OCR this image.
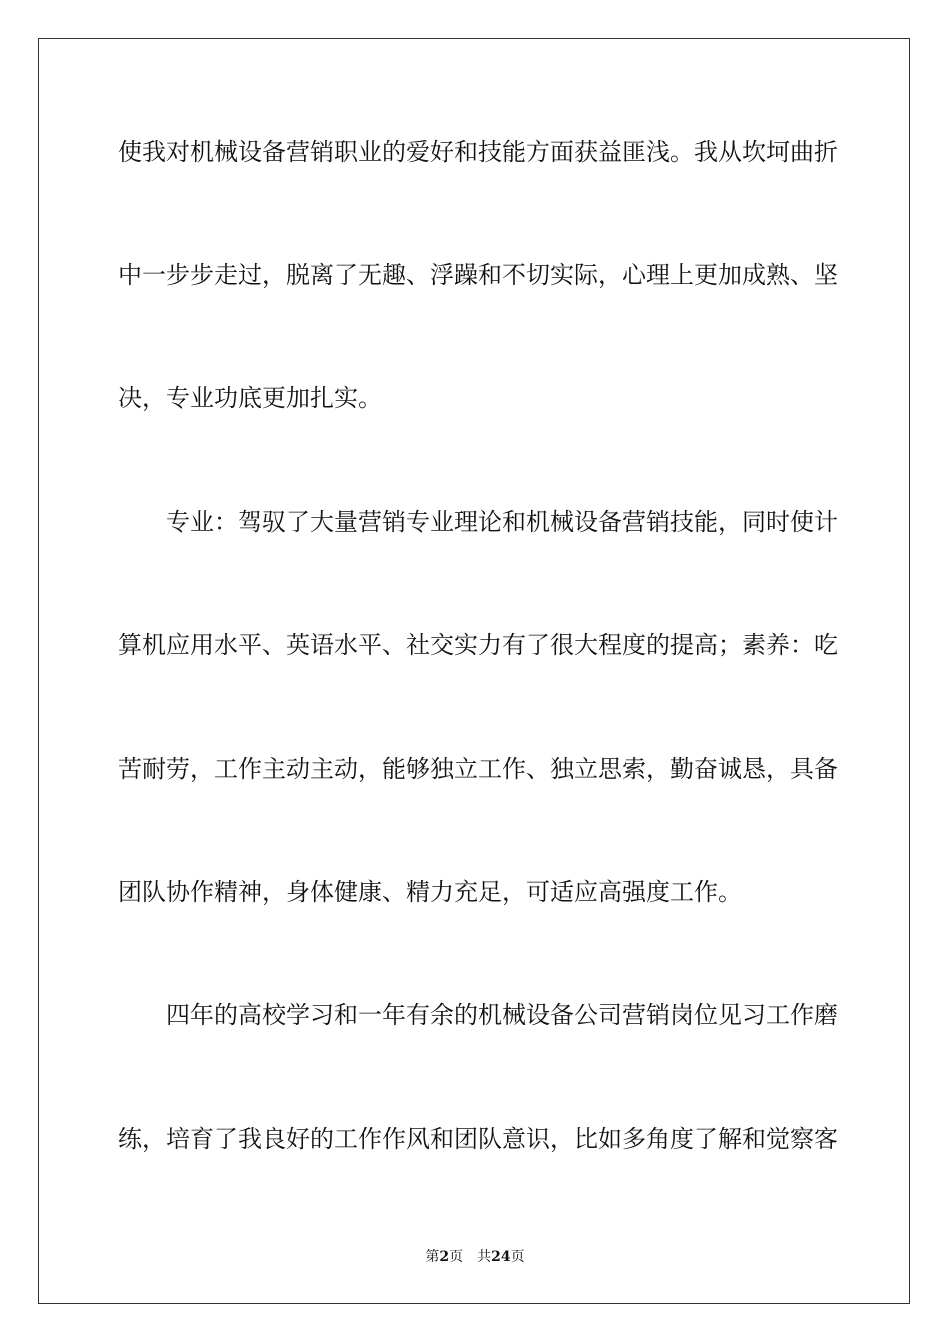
使我对机械设备营销职业的爱好和技能方面获益匪浅。我从坎坷曲折

中一步步走过，脱离了无趣、浮躁和不切实际，心理上更加成熟、坚

决，专业功底更加扎实。

专业：驾驭了大量营销专业理论和机械设备营销技能，同时使计

算机应用水平、英语水平、社交实力有了很大程度的提高；素养：吃

苦耐劳，工作主动主动，能够独立工作、独立思索，勤奋诚恳，具备

团队协作精神，身体健康、精力充足，可适应高强度工作。

四年的高校学习和一年有余的机械设备公司营销岗位见习工作磨

练，培育了我良好的工作作风和团队意识，比如多角度了解和觉察客

第2页 共24页
